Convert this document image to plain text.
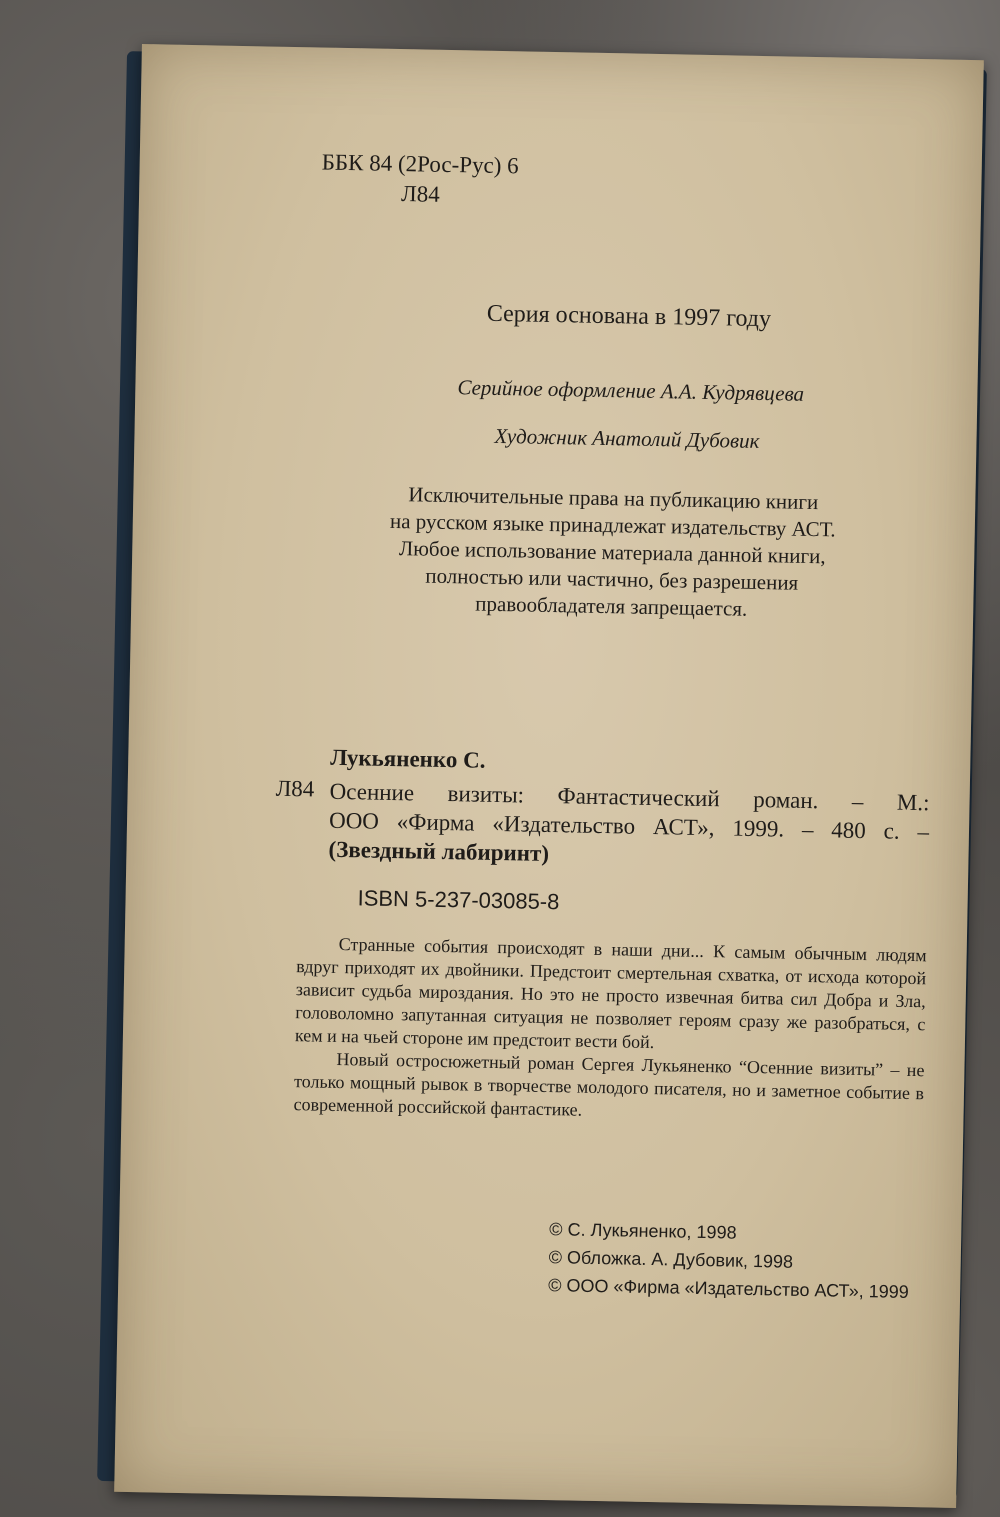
ББК 84 (2Рос-Рус) 6
Л84
Серия основана в 1997 году
Серийное оформление А.А. Кудрявцева
Художник Анатолий Дубовик
Исключительные права на публикацию книги
на русском языке принадлежат издательству АСТ.
Любое использование материала данной книги,
полностью или частично, без разрешения
правообладателя запрещается.
Лукьяненко С.
Л84 Осенние визиты: Фантастический роман. – М.:
ООО «Фирма «Издательство АСТ», 1999. – 480 с. –
(Звездный лабиринт)
ISBN 5-237-03085-8

Странные события происходят в наши дни... К самым обычным людям вдруг приходят их двойники. Предстоит смертельная схватка, от исхода которой зависит судьба мироздания. Но это не просто извечная битва сил Добра и Зла, головоломно запутанная ситуация не позволяет героям сразу же разобраться, с кем и на чьей стороне им предстоит вести бой.

Новый остросюжетный роман Сергея Лукьяненко “Осенние визиты” – не только мощный рывок в творчестве молодого писателя, но и заметное событие в современной российской фантастике.

© С. Лукьяненко, 1998
© Обложка. А. Дубовик, 1998
© ООО «Фирма «Издательство АСТ», 1999
